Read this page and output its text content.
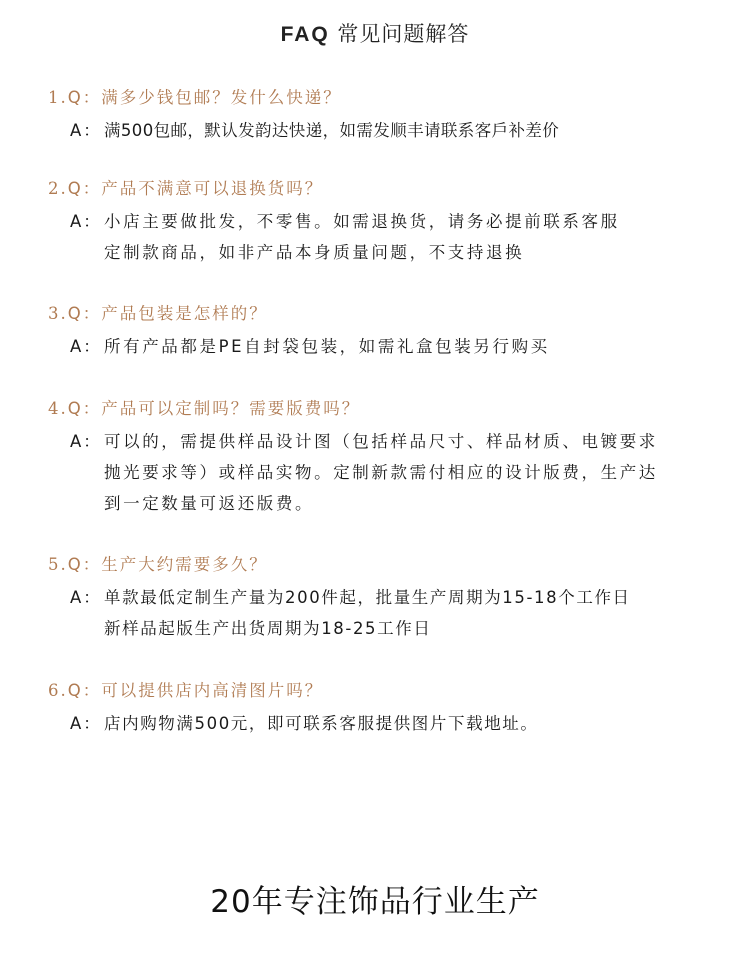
FAQ 常见问题解答
1.Q：满多少钱包邮？发什么快递？
A： 满500包邮，默认发韵达快递，如需发顺丰请联系客戶补差价
2.Q：产品不满意可以退换货吗？
A： 小店主要做批发，不零售。如需退换货，请务必提前联系客服
定制款商品，如非产品本身质量问题，不支持退换
3.Q：产品包装是怎样的？
A： 所有产品都是PE自封袋包装，如需礼盒包装另行购买
4.Q：产品可以定制吗？需要版费吗？
A： 可以的，需提供样品设计图（包括样品尺寸、样品材质、电镀要求
抛光要求等）或样品实物。定制新款需付相应的设计版费，生产达
到一定数量可返还版费。
5.Q：生产大约需要多久？
A： 单款最低定制生产量为200件起，批量生产周期为15-18个工作日
新样品起版生产出货周期为18-25工作日
6.Q：可以提供店内高清图片吗？
A： 店内购物满500元，即可联系客服提供图片下载地址。
20年专注饰品行业生产
